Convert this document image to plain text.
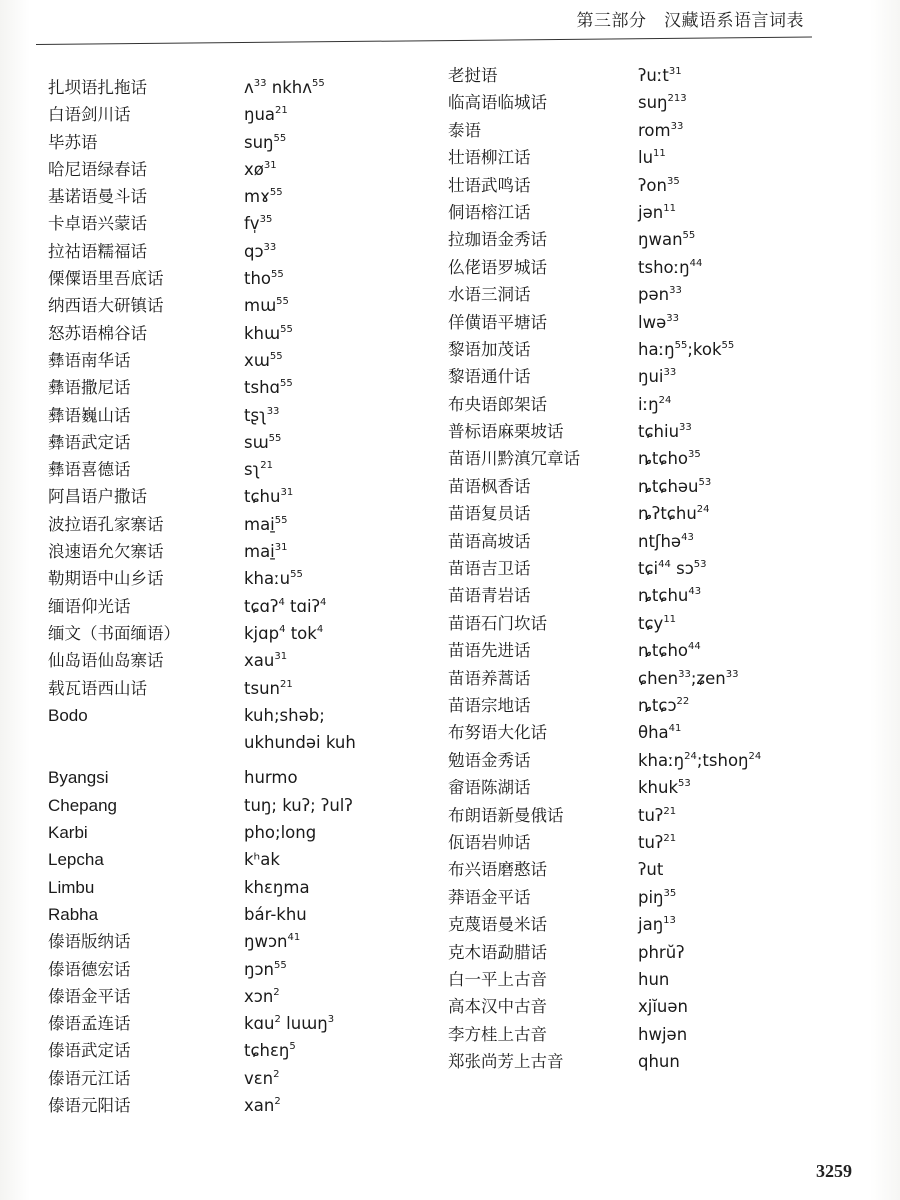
第三部分　汉藏语系语言词表
扎坝语扎拖话	ʌ$^{33}$ nkhʌ$^{55}$
白语剑川话	ŋua$^{21}$
毕苏语	suŋ$^{55}$
哈尼语绿春话	$xø^{31}$
基诺语曼斗话	mɤ$^{55}$
卡卓语兴蒙话	fv̩$^{35}$
拉祜语糯福话	qɔ$^{33}$
傈僳语里吾底话	tho$^{55}$
纳西语大研镇话	mɯ$^{55}$
怒苏语棉谷话	khɯ$^{55}$
彝语南华话	xɯ$^{55}$
彝语撒尼话	tshɑ$^{55}$
彝语巍山话	tʂʅ$^{33}$
彝语武定话	sɯ$^{55}$
彝语喜德话	sʅ$^{21}$
阿昌语户撒话	tɕhu$^{31}$
波拉语孔家寨话	mai̱$^{55}$
浪速语允欠寨话	mai̱$^{31}$
勒期语中山乡话	khaːu$^{55}$
缅语仰光话	tɕɑʔ$^4$ tɑiʔ$^4$
缅文（书面缅语）	kjɑp$^4$ tok$^4$
仙岛语仙岛寨话	xau$^{31}$
载瓦语西山话	tsun$^{21}$
Bodo	kuh;shəb;
ukhundəi kuh
Byangsi	hurmo
Chepang	tuŋ; kuʔ; ʔulʔ
Karbi	pho;long
Lepcha	kʰak
Limbu	khɛŋma
Rabha	bár-khu
傣语版纳话	ŋwɔn$^{41}$
傣语德宏话	ŋɔn$^{55}$
傣语金平话	xɔn$^2$
傣语孟连话	kɑu$^2$ luɯŋ$^3$
傣语武定话	tɕhɛŋ$^5$
傣语元江话	vɛn$^2$
傣语元阳话	xan$^2$
老挝语	ʔuːt$^{31}$
临高语临城话	suŋ$^{213}$
泰语	rom$^{33}$
壮语柳江话	$lu^{11}$
壮语武鸣话	ʔon$^{35}$
侗语榕江话	jən$^{11}$
拉珈语金秀话	ŋwan$^{55}$
仫佬语罗城话	tshoːŋ$^{44}$
水语三洞话	pən$^{33}$
佯僙语平塘话	lwə$^{33}$
黎语加茂话	haːŋ$^{55}$;kok$^{55}$
黎语通什话	ŋui$^{33}$
布央语郎架话	iːŋ$^{24}$
普标语麻栗坡话	tɕhiu$^{33}$
苗语川黔滇冗章话	ȵtɕho$^{35}$
苗语枫香话	ȵtɕhəu$^{53}$
苗语复员话	ȵʔtɕhu$^{24}$
苗语高坡话	ntʃhə$^{43}$
苗语吉卫话	tɕi$^{44}$ sɔ$^{53}$
苗语青岩话	ȵtɕhu$^{43}$
苗语石门坎话	tɕy$^{11}$
苗语先进话	ȵtɕho$^{44}$
苗语养蒿话	ɕhen$^{33}$;ʑen$^{33}$
苗语宗地话	ȵtɕɔ$^{22}$
布努语大化话	θha$^{41}$
勉语金秀话	khaːŋ$^{24}$;tshoŋ$^{24}$
畲语陈湖话	khuk$^{53}$
布朗语新曼俄话	tuʔ$^{21}$
佤语岩帅话	tuʔ$^{21}$
布兴语磨憨话	ʔut
莽语金平话	piŋ$^{35}$
克蔑语曼米话	jaŋ$^{13}$
克木语勐腊话	phrŭʔ
白一平上古音	hun
高本汉中古音	xjĭuən
李方桂上古音	hwjən
郑张尚芳上古音	qhun
3259
